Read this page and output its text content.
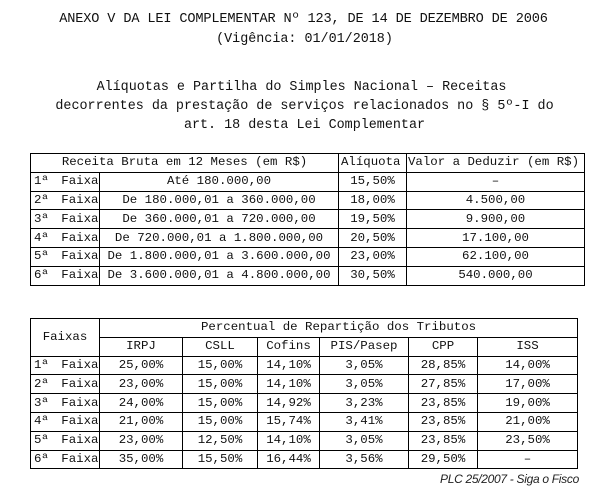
ANEXO V DA LEI COMPLEMENTAR Nº 123, DE 14 DE DEZEMBRO DE 2006
(Vigência: 01/01/2018)
Alíquotas e Partilha do Simples Nacional – Receitas
decorrentes da prestação de serviços relacionados no § 5º-I do
art. 18 desta Lei Complementar
Receita Bruta em 12 Meses (em R$)		Alíquota	Valor a Deduzir (em R$)
1ª Faixa	Até 180.000,00	15,50%	–
2ª Faixa	De 180.000,01 a 360.000,00	18,00%	4.500,00
3ª Faixa	De 360.000,01 a 720.000,00	19,50%	9.900,00
4ª Faixa	De 720.000,01 a 1.800.000,00	20,50%	17.100,00
5ª Faixa	De 1.800.000,01 a 3.600.000,00	23,00%	62.100,00
6ª Faixa	De 3.600.000,01 a 4.800.000,00	30,50%	540.000,00
Faixas	Percentual de Repartição dos Tributos					
	IRPJ	CSLL	Cofins	PIS/Pasep	CPP	ISS
1ª Faixa	25,00%	15,00%	14,10%	3,05%	28,85%	14,00%
2ª Faixa	23,00%	15,00%	14,10%	3,05%	27,85%	17,00%
3ª Faixa	24,00%	15,00%	14,92%	3,23%	23,85%	19,00%
4ª Faixa	21,00%	15,00%	15,74%	3,41%	23,85%	21,00%
5ª Faixa	23,00%	12,50%	14,10%	3,05%	23,85%	23,50%
6ª Faixa	35,00%	15,50%	16,44%	3,56%	29,50%	–
PLC 25/2007 - Siga o Fisco
